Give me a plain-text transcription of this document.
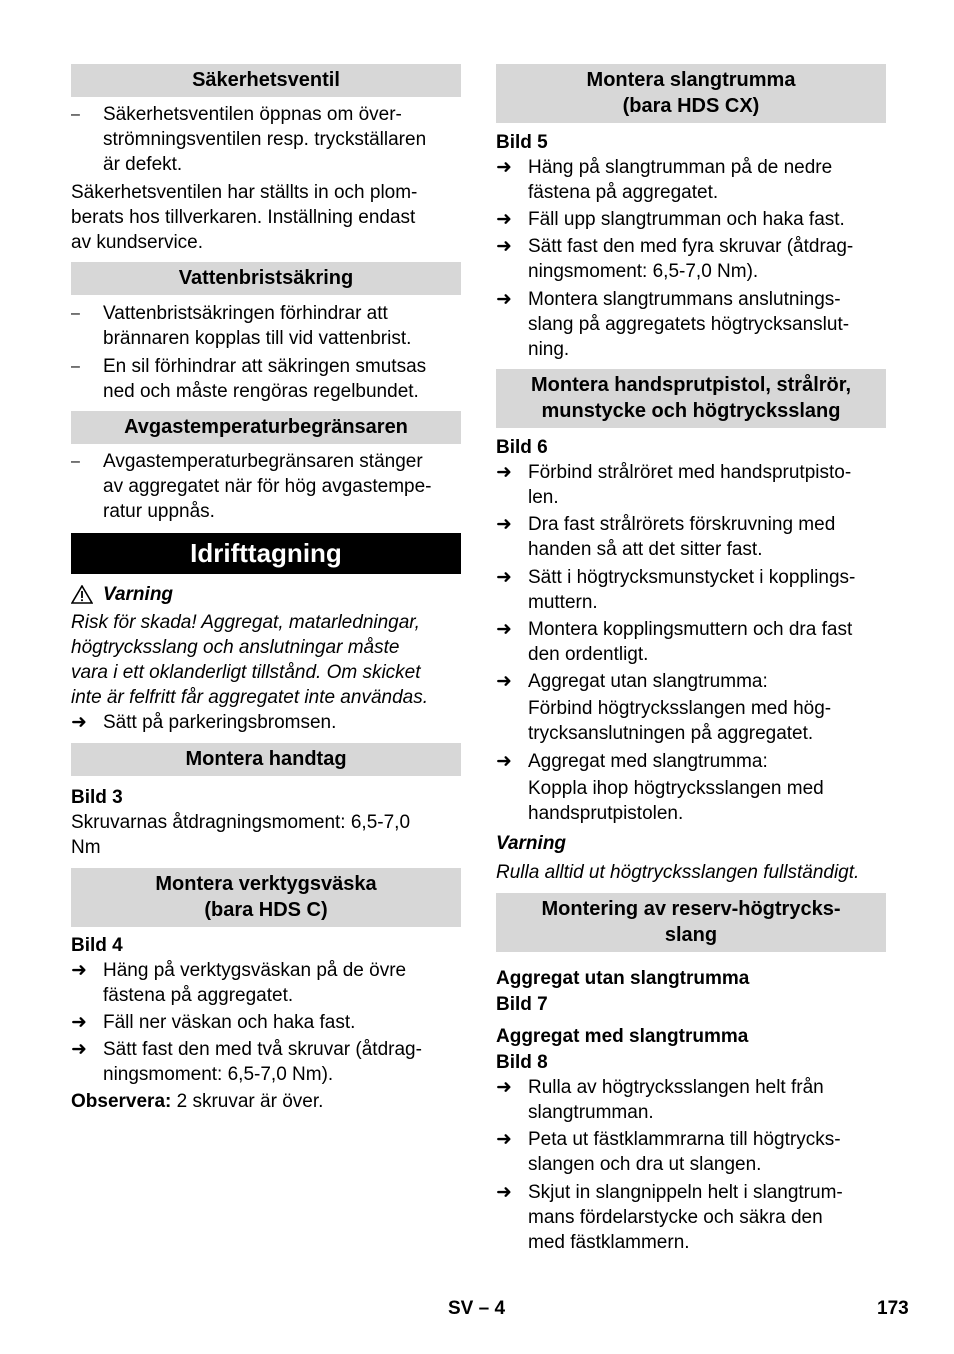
Säkerhetsventil
–	Säkerhetsventilen öppnas om över-
strömningsventilen resp. tryckställaren
är defekt.
Säkerhetsventilen har ställts in och plom-
berats hos tillverkaren. Inställning endast
av kundservice.
Vattenbristsäkring
–	Vattenbristsäkringen förhindrar att
brännaren kopplas till vid vattenbrist.
–	En sil förhindrar att säkringen smutsas
ned och måste rengöras regelbundet.
Avgastemperaturbegränsaren
–	Avgastemperaturbegränsaren stänger
av aggregatet när för hög avgastempe-
ratur uppnås.
Idrifttagning
Varning
Risk för skada! Aggregat, matarledningar,
högtrycksslang och anslutningar måste
vara i ett oklanderligt tillstånd. Om skicket
inte är felfritt får aggregatet inte användas.
➜ Sätt på parkeringsbromsen.
Montera handtag
Bild 3
Skruvarnas åtdragningsmoment: 6,5-7,0
Nm
Montera verktygsväska
(bara HDS C)
Bild 4
➜ Häng på verktygsväskan på de övre
fästena på aggregatet.
➜ Fäll ner väskan och haka fast.
➜ Sätt fast den med två skruvar (åtdrag-
ningsmoment: 6,5-7,0 Nm).
Observera: 2 skruvar är över.
Montera slangtrumma
(bara HDS CX)
Bild 5
➜ Häng på slangtrumman på de nedre
fästena på aggregatet.
➜ Fäll upp slangtrumman och haka fast.
➜ Sätt fast den med fyra skruvar (åtdrag-
ningsmoment: 6,5-7,0 Nm).
➜ Montera slangtrummans anslutnings-
slang på aggregatets högtrycksanslut-
ning.
Montera handsprutpistol, strålrör,
munstycke och högtrycksslang
Bild 6
➜ Förbind strålröret med handsprutpisto-
len.
➜ Dra fast strålrörets förskruvning med
handen så att det sitter fast.
➜ Sätt i högtrycksmunstycket i kopplings-
muttern.
➜ Montera kopplingsmuttern och dra fast
den ordentligt.
➜ Aggregat utan slangtrumma:
Förbind högtrycksslangen med hög-
trycksanslutningen på aggregatet.
➜ Aggregat med slangtrumma:
Koppla ihop högtrycksslangen med
handsprutpistolen.
Varning
Rulla alltid ut högtrycksslangen fullständigt.
Montering av reserv-högtrycks-
slang
Aggregat utan slangtrumma
Bild 7
Aggregat med slangtrumma
Bild 8
➜ Rulla av högtrycksslangen helt från
slangtrumman.
➜ Peta ut fästklammrarna till högtrycks-
slangen och dra ut slangen.
➜ Skjut in slangnippeln helt i slangtrum-
mans fördelarstycke och säkra den
med fästklammern.
SV – 4	173
